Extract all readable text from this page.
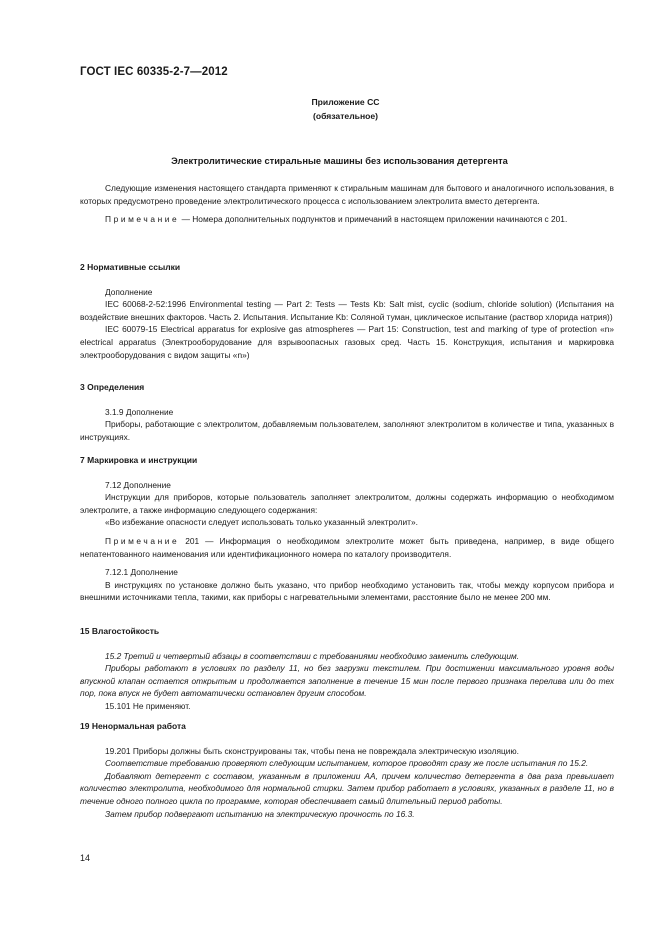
ГОСТ IEC 60335-2-7—2012
Приложение СС
(обязательное)
Электролитические стиральные машины без использования детергента

Следующие изменения настоящего стандарта применяют к стиральным машинам для бытового и аналогичного использования, в которых предусмотрено проведение электролитического процесса с использованием электролита вместо детергента.

Примечание — Номера дополнительных подпунктов и примечаний в настоящем приложении начинаются с 201.

2 Нормативные ссылки

Дополнение

IEC 60068-2-52:1996 Environmental testing — Part 2: Tests — Tests Kb: Salt mist, cyclic (sodium, chloride solution) (Испытания на воздействие внешних факторов. Часть 2. Испытания. Испытание Kb: Соляной туман, циклическое испытание (раствор хлорида натрия))

IEC 60079-15 Electrical apparatus for explosive gas atmospheres — Part 15: Construction, test and marking of type of protection «n» electrical apparatus (Электрооборудование для взрывоопасных газовых сред. Часть 15. Конструкция, испытания и маркировка электрооборудования с видом защиты «n»)

3 Определения

3.1.9 Дополнение

Приборы, работающие с электролитом, добавляемым пользователем, заполняют электролитом в количестве и типа, указанных в инструкциях.

7 Маркировка и инструкции

7.12 Дополнение

Инструкции для приборов, которые пользователь заполняет электролитом, должны содержать информацию о необходимом электролите, а также информацию следующего содержания:

«Во избежание опасности следует использовать только указанный электролит».

Примечание 201 — Информация о необходимом электролите может быть приведена, например, в виде общего непатентованного наименования или идентификационного номера по каталогу производителя.

7.12.1 Дополнение

В инструкциях по установке должно быть указано, что прибор необходимо установить так, чтобы между корпусом прибора и внешними источниками тепла, такими, как приборы с нагревательными элементами, расстояние было не менее 200 мм.

15 Влагостойкость

15.2 Третий и четвертый абзацы в соответствии с требованиями необходимо заменить следующим.

Приборы работают в условиях по разделу 11, но без загрузки текстилем. При достижении максимального уровня воды впускной клапан остается открытым и продолжается заполнение в течение 15 мин после первого признака перелива или до тех пор, пока впуск не будет автоматически остановлен другим способом.

15.101 Не применяют.

19 Ненормальная работа

19.201 Приборы должны быть сконструированы так, чтобы пена не повреждала электрическую изоляцию.

Соответствие требованию проверяют следующим испытанием, которое проводят сразу же после испытания по 15.2.

Добавляют детергент с составом, указанным в приложении АА, причем количество детергента в два раза превышает количество электролита, необходимого для нормальной стирки. Затем прибор работает в условиях, указанных в разделе 11, но в течение одного полного цикла по программе, которая обеспечивает самый длительный период работы.

Затем прибор подвергают испытанию на электрическую прочность по 16.3.

14
